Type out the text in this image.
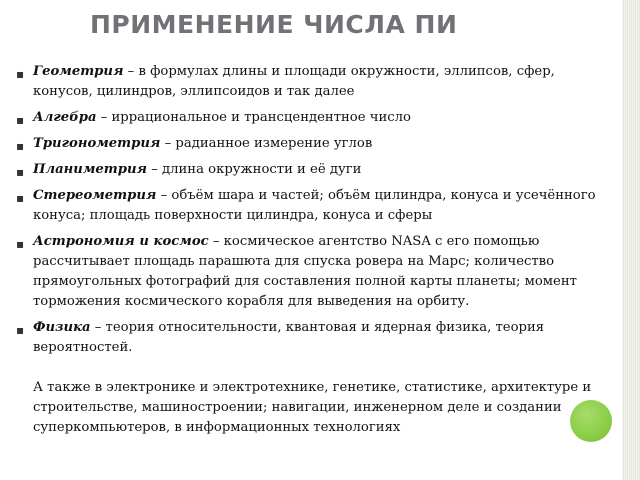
ПРИМЕНЕНИЕ ЧИСЛА ПИ
▪ Геометрия – в формулах длины и площади окружности, эллипсов, сфер, конусов, цилиндров, эллипсоидов и так далее
▪ Алгебра – иррациональное и трансцендентное число
▪ Тригонометрия – радианное измерение углов
▪ Планиметрия – длина окружности и её дуги
▪ Стереометрия – объём шара и частей; объём цилиндра, конуса и усечённого конуса; площадь поверхности цилиндра, конуса и сферы
▪ Астрономия и космос – космическое агентство NASA с его помощью рассчитывает площадь парашюта для спуска ровера на Марс; количество прямоугольных фотографий для составления полной карты планеты; момент торможения космического корабля для выведения на орбиту.
▪ Физика – теория относительности, квантовая и ядерная физика, теория вероятностей.
А также в электронике и электротехнике, генетике, статистике, архитектуре и строительстве, машиностроении; навигации, инженерном деле и создании суперкомпьютеров, в информационных технологиях
